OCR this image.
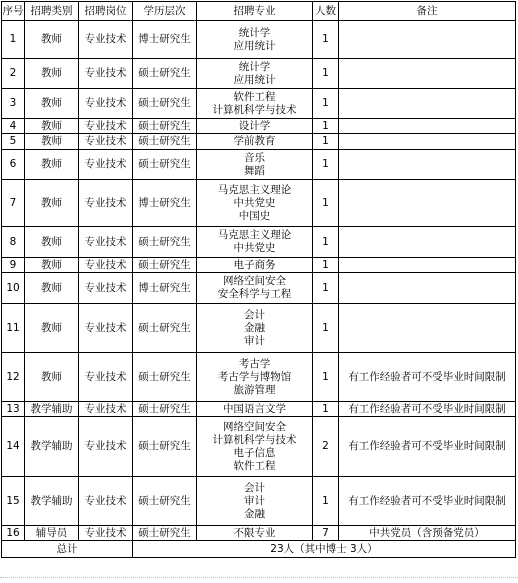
序号	招聘类别	招聘岗位	学历层次	招聘专业	人数	备注
1	教师	专业技术	博士研究生	统计学
应用统计	1	
2	教师	专业技术	硕士研究生	统计学
应用统计	1	
3	教师	专业技术	硕士研究生	软件工程
计算机科学与技术	1	
4	教师	专业技术	硕士研究生	设计学	1	
5	教师	专业技术	硕士研究生	学前教育	1	
6	教师	专业技术	硕士研究生	音乐
舞蹈	1	
7	教师	专业技术	博士研究生	马克思主义理论
中共党史
中国史	1	
8	教师	专业技术	硕士研究生	马克思主义理论
中共党史	1	
9	教师	专业技术	硕士研究生	电子商务	1	
10	教师	专业技术	博士研究生	网络空间安全
安全科学与工程	1	
11	教师	专业技术	硕士研究生	会计
金融
审计	1	
12	教师	专业技术	硕士研究生	考古学
考古学与博物馆
旅游管理	1	有工作经验者可不受毕业时间限制
13	教学辅助	专业技术	硕士研究生	中国语言文学	1	有工作经验者可不受毕业时间限制
14	教学辅助	专业技术	硕士研究生	网络空间安全
计算机科学与技术
电子信息
软件工程	2	有工作经验者可不受毕业时间限制
15	教学辅助	专业技术	硕士研究生	会计
审计
金融	1	有工作经验者可不受毕业时间限制
16	辅导员	专业技术	硕士研究生	不限专业	7	中共党员（含预备党员）
总计			23人（其中博士 3人）			
